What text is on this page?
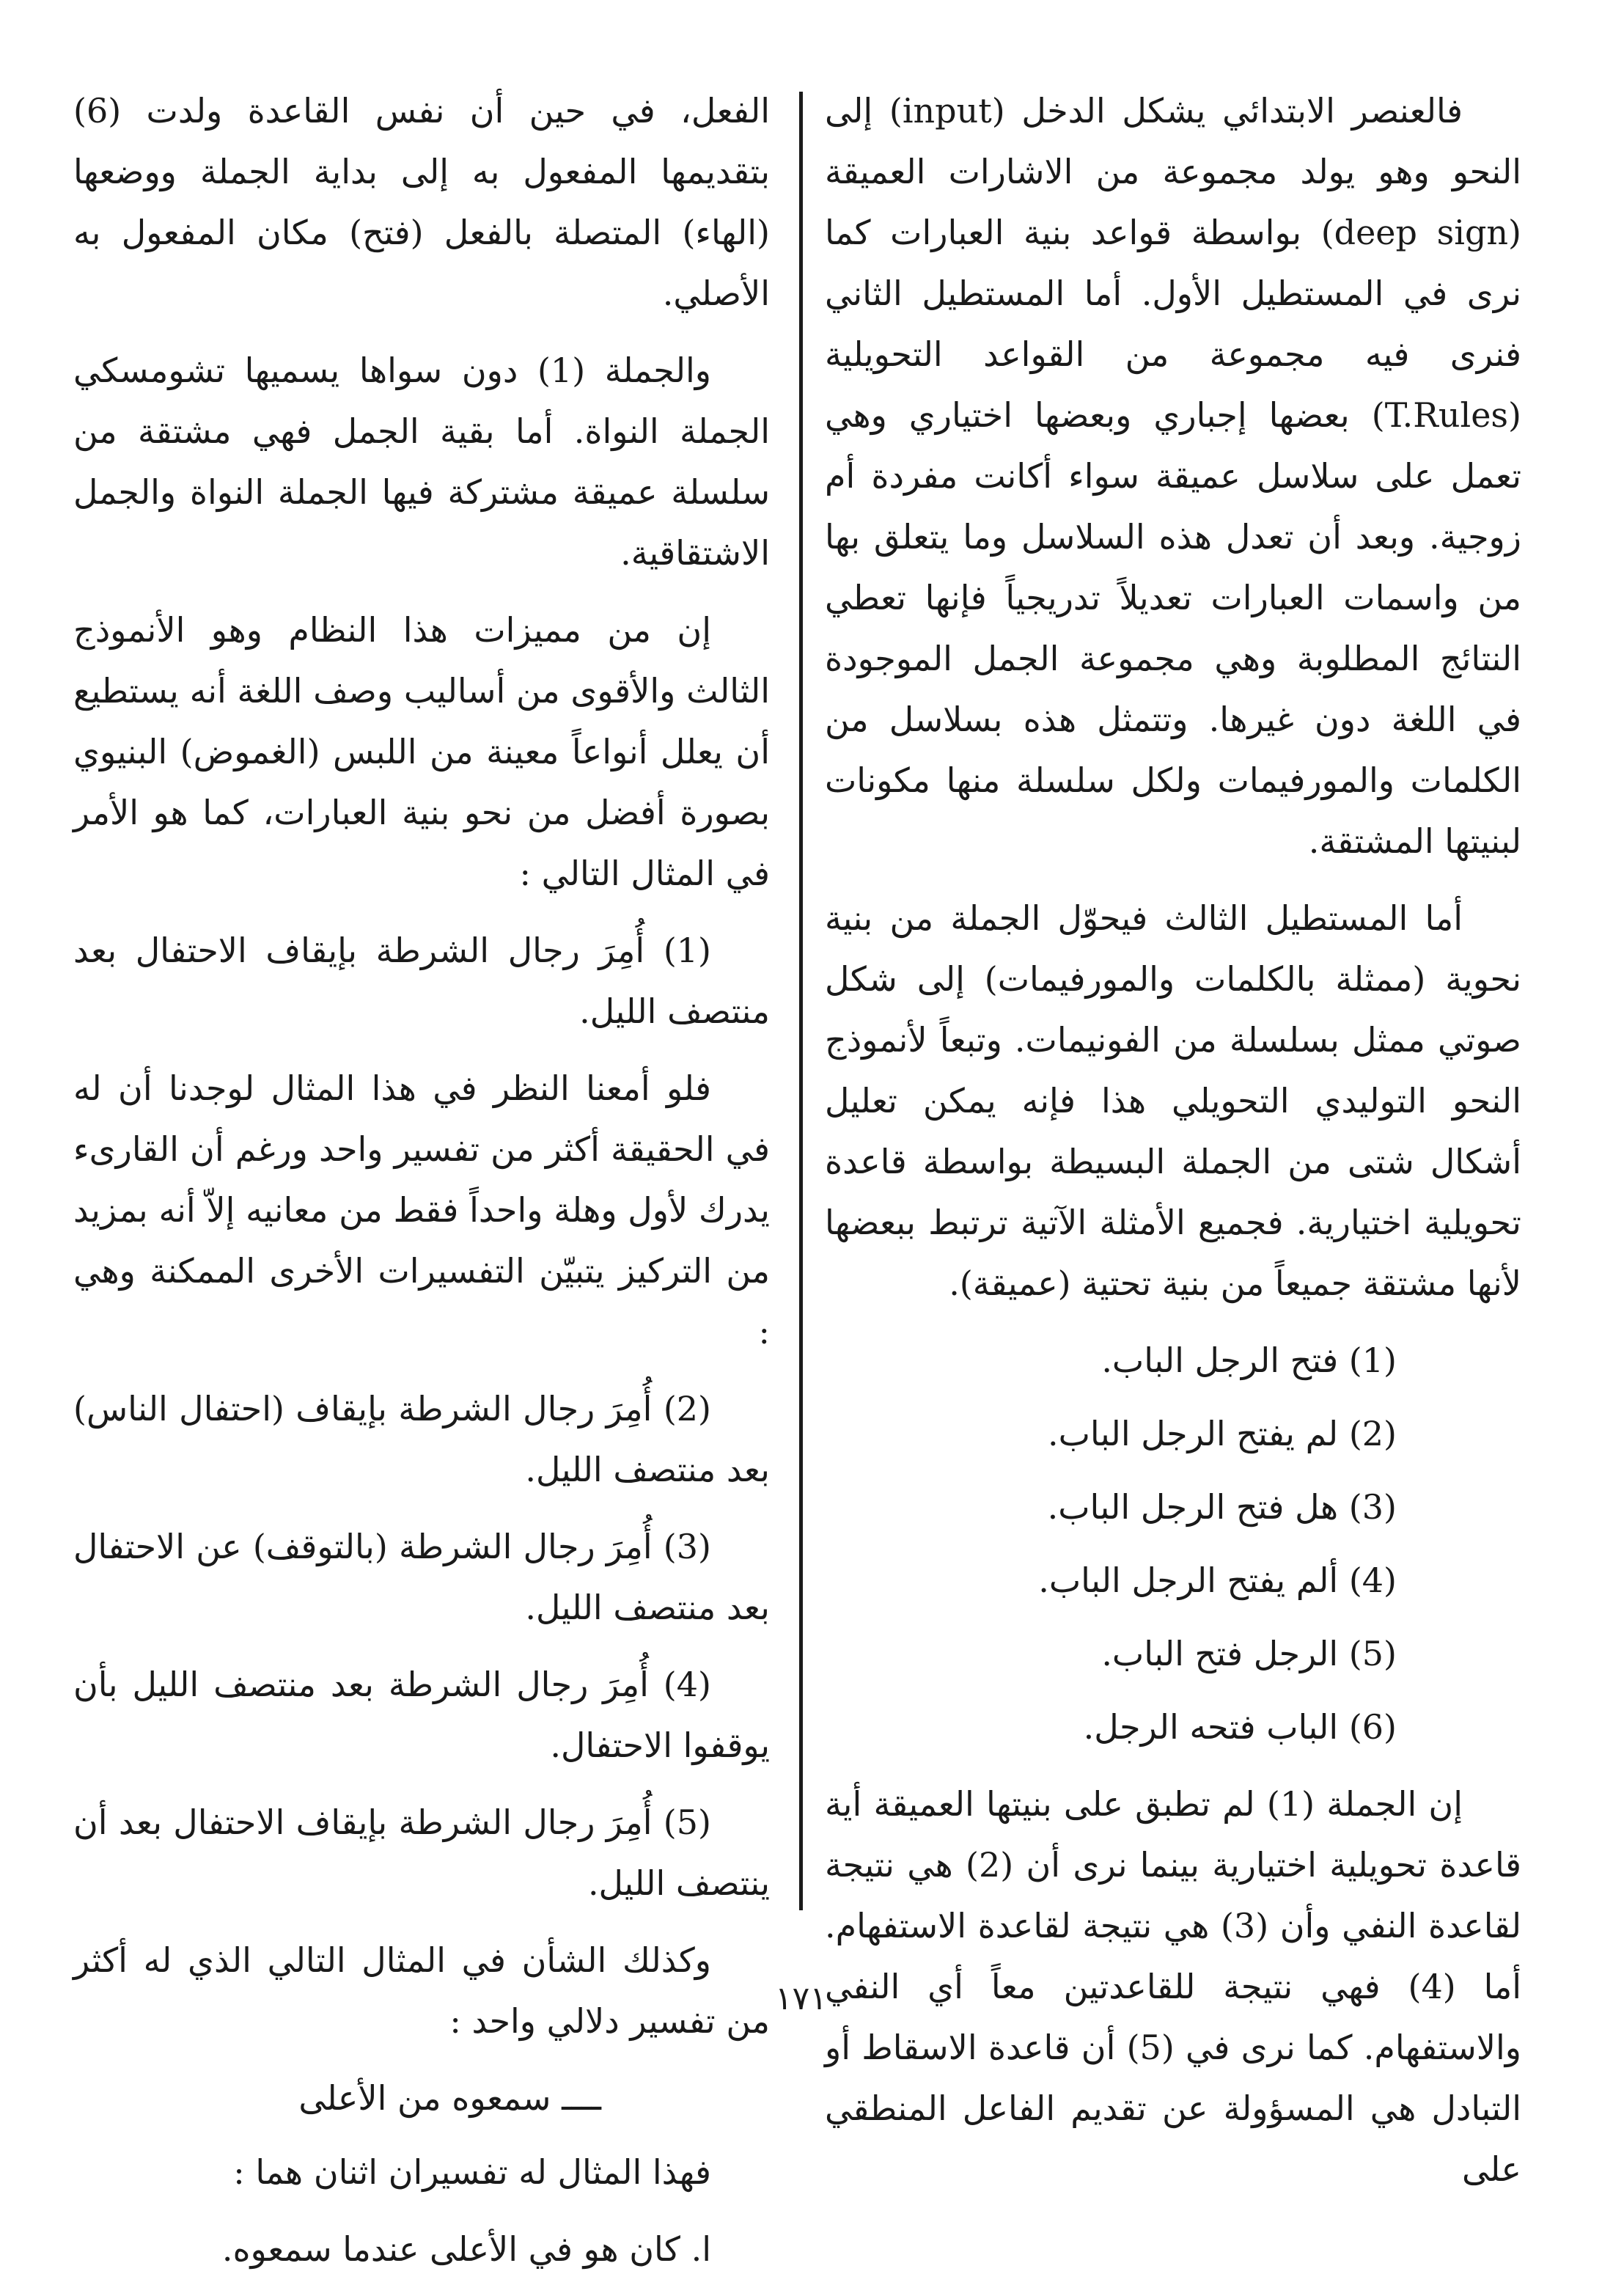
فالعنصر الابتدائي يشكل الدخل (input) إلى النحو وهو يولد مجموعة من الاشارات العميقة (deep sign) بواسطة قواعد بنية العبارات كما نرى في المستطيل الأول. أما المستطيل الثاني فنرى فيه مجموعة من القواعد التحويلية (T.Rules) بعضها إجباري وبعضها اختياري وهي تعمل على سلاسل عميقة سواء أكانت مفردة أم زوجية. وبعد أن تعدل هذه السلاسل وما يتعلق بها من واسمات العبارات تعديلاً تدريجياً فإنها تعطي النتائج المطلوبة وهي مجموعة الجمل الموجودة في اللغة دون غيرها. وتتمثل هذه بسلاسل من الكلمات والمورفيمات ولكل سلسلة منها مكونات لبنيتها المشتقة.

أما المستطيل الثالث فيحوّل الجملة من بنية نحوية (ممثلة بالكلمات والمورفيمات) إلى شكل صوتي ممثل بسلسلة من الفونيمات. وتبعاً لأنموذج النحو التوليدي التحويلي هذا فإنه يمكن تعليل أشكال شتى من الجملة البسيطة بواسطة قاعدة تحويلية اختيارية. فجميع الأمثلة الآتية ترتبط ببعضها لأنها مشتقة جميعاً من بنية تحتية (عميقة).

(1) فتح الرجل الباب.
(2) لم يفتح الرجل الباب.
(3) هل فتح الرجل الباب.
(4) ألم يفتح الرجل الباب.
(5) الرجل فتح الباب.
(6) الباب فتحه الرجل.

إن الجملة (1) لم تطبق على بنيتها العميقة أية قاعدة تحويلية اختيارية بينما نرى أن (2) هي نتيجة لقاعدة النفي وأن (3) هي نتيجة لقاعدة الاستفهام. أما (4) فهي نتيجة للقاعدتين معاً أي النفي والاستفهام. كما نرى في (5) أن قاعدة الاسقاط أو التبادل هي المسؤولة عن تقديم الفاعل المنطقي على

الفعل، في حين أن نفس القاعدة ولدت (6) بتقديمها المفعول به إلى بداية الجملة ووضعها (الهاء) المتصلة بالفعل (فتح) مكان المفعول به الأصلي.

والجملة (1) دون سواها يسميها تشومسكي الجملة النواة. أما بقية الجمل فهي مشتقة من سلسلة عميقة مشتركة فيها الجملة النواة والجمل الاشتقاقية.

إن من مميزات هذا النظام وهو الأنموذج الثالث والأقوى من أساليب وصف اللغة أنه يستطيع أن يعلل أنواعاً معينة من اللبس (الغموض) البنيوي بصورة أفضل من نحو بنية العبارات، كما هو الأمر في المثال التالي :

(1) أُمِرَ رجال الشرطة بإيقاف الاحتفال بعد منتصف الليل.

فلو أمعنا النظر في هذا المثال لوجدنا أن له في الحقيقة أكثر من تفسير واحد ورغم أن القارىء يدرك لأول وهلة واحداً فقط من معانيه إلاّ أنه بمزيد من التركيز يتبيّن التفسيرات الأخرى الممكنة وهي :

(2) أُمِرَ رجال الشرطة بإيقاف (احتفال الناس) بعد منتصف الليل.

(3) أُمِرَ رجال الشرطة (بالتوقف) عن الاحتفال بعد منتصف الليل.

(4) أُمِرَ رجال الشرطة بعد منتصف الليل بأن يوقفوا الاحتفال.

(5) أُمِرَ رجال الشرطة بإيقاف الاحتفال بعد أن ينتصف الليل.

وكذلك الشأن في المثال التالي الذي له أكثر من تفسير دلالي واحد :

ــــ سمعوه من الأعلى

فهذا المثال له تفسيران اثنان هما :

ا. كان هو في الأعلى عندما سمعوه.

١٧١
